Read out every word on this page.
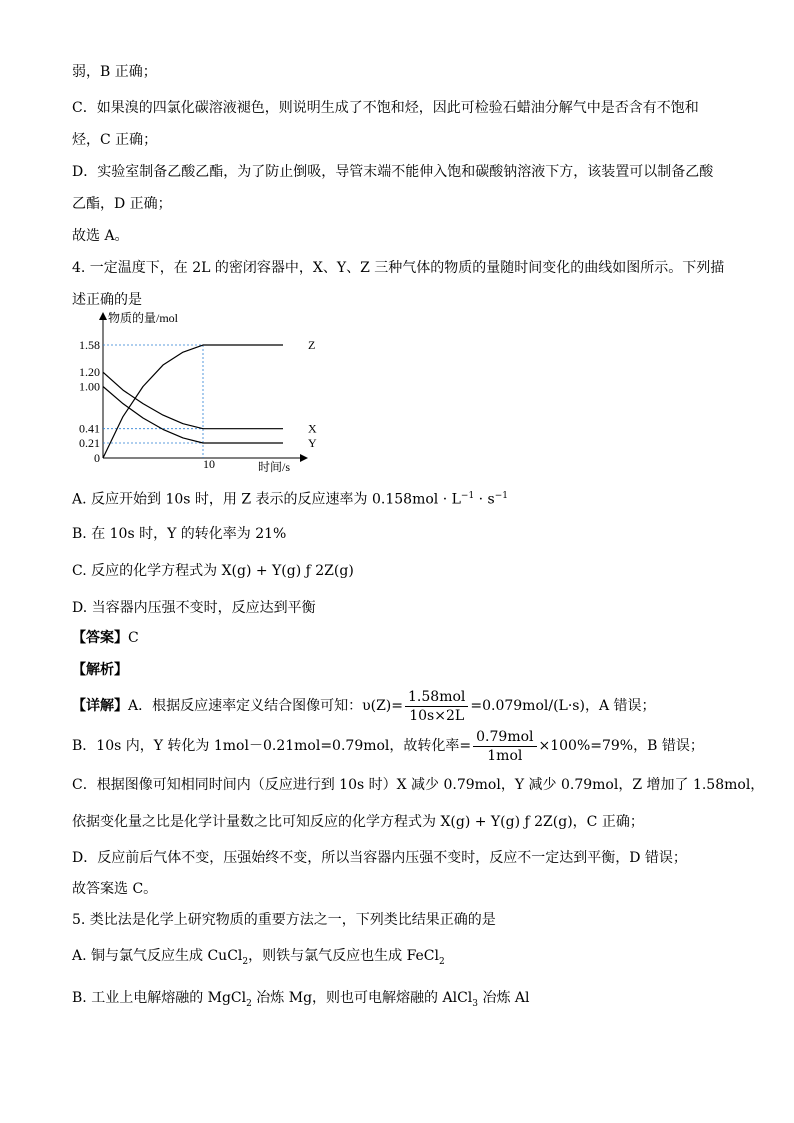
弱，B 正确；
C．如果溴的四氯化碳溶液褪色，则说明生成了不饱和烃，因此可检验石蜡油分解气中是否含有不饱和
烃，C 正确；
D．实验室制备乙酸乙酯，为了防止倒吸，导管末端不能伸入饱和碳酸钠溶液下方，该装置可以制备乙酸
乙酯，D 正确；
故选 A。
4. 一定温度下，在 2L 的密闭容器中，X、Y、Z 三种气体的物质的量随时间变化的曲线如图所示。下列描
述正确的是
物质的量/mol
时间/s
10
1.58
1.20
1.00
0.41
0.21
0
Z
X
Y
A. 反应开始到 10s 时，用 Z 表示的反应速率为 $0.158mol \cdot L^{-1} \cdot s^{-1}$
B. 在 10s 时，Y 的转化率为 21%
C. 反应的化学方程式为 X(g) + Y(g) ƒ 2Z(g)
D. 当容器内压强不变时，反应达到平衡
【答案】C
【解析】
【详解】A．根据反应速率定义结合图像可知：$\upsilon(Z)= \frac{\text{1.58mol}}{10s\times 2L} =0.079mol/(L\cdot s)$，A 错误；
B．10s 内，Y 转化为 1mol－0.21mol=0.79mol，故转化率= $\frac{\text{0.79mol}}{\text{1mol}} \times 100\%=79\%$，B 错误；
C．根据图像可知相同时间内（反应进行到 10s 时）X 减少 0.79mol，Y 减少 0.79mol，Z 增加了 1.58mol，
依据变化量之比是化学计量数之比可知反应的化学方程式为 X(g) + Y(g) ƒ 2Z(g)，C 正确；
D．反应前后气体不变，压强始终不变，所以当容器内压强不变时，反应不一定达到平衡，D 错误；
故答案选 C。
5. 类比法是化学上研究物质的重要方法之一，下列类比结果正确的是
A. 铜与氯气反应生成 CuCl$_2$，则铁与氯气反应也生成 FeCl$_2$
B. 工业上电解熔融的 MgCl$_2$ 冶炼 Mg，则也可电解熔融的 AlCl$_3$ 冶炼 Al
